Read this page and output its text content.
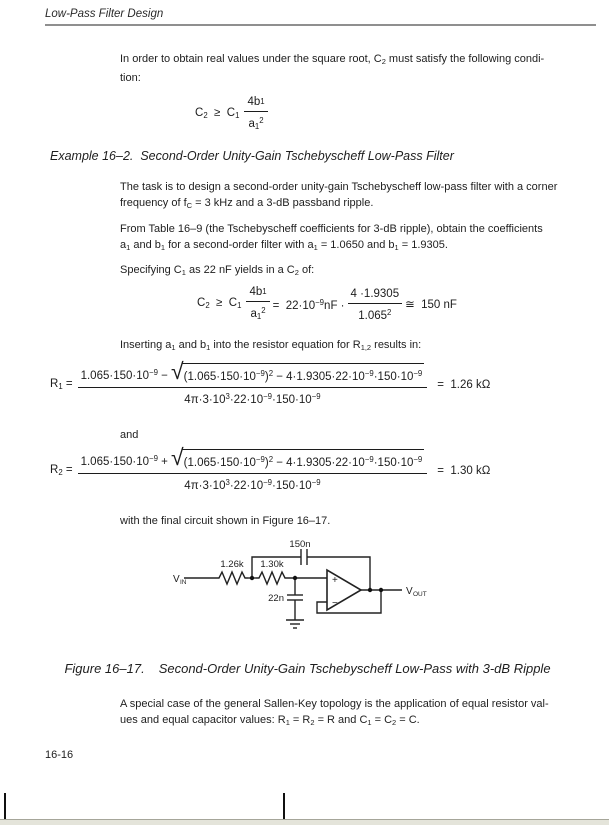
Low-Pass Filter Design
In order to obtain real values under the square root, C2 must satisfy the following condi-
tion:
$C2 \ge C1 \frac{4b 1}{a1^2}$
Example 16–2.  Second-Order Unity-Gain Tschebyscheff Low-Pass Filter
The task is to design a second-order unity-gain Tschebyscheff low-pass filter with a corner
frequency of fC = 3 kHz and a 3-dB passband ripple.
From Table 16–9 (the Tschebyscheff coefficients for 3-dB ripple), obtain the coefficients
a1 and b1 for a second-order filter with a1 = 1.0650 and b1 = 1.9305.
Specifying C1 as 22 nF yields in a C2 of:
$C2 \ge C1 \frac{4b 1}{a1^2} = 22\cdot 10^{-9}nF \cdot \frac{4 \cdot 1.9305}{1.065^2}$ ≅  150 nF
Inserting a1 and b1 into the resistor equation for R1,2 results in:
R1 =
$1.065\cdot 150\cdot 10^{-9}$ − √ $(1.065\cdot 150\cdot 10^{-9})^2 - 4\cdot 1.9305\cdot 22\cdot 10^{-9}\cdot 150\cdot 10^{-9}$
$4\pi\cdot 3\cdot 10^3\cdot 22\cdot 10^{-9}\cdot 150\cdot 10^{-9}$
=  1.26 kΩ
and
R2 =
$1.065\cdot 150\cdot 10^{-9}$ + √ $(1.065\cdot 150\cdot 10^{-9})^2 - 4\cdot 1.9305\cdot 22\cdot 10^{-9}\cdot 150\cdot 10^{-9}$
$4\pi\cdot 3\cdot 10^3\cdot 22\cdot 10^{-9}\cdot 150\cdot 10^{-9}$
=  1.30 kΩ
with the final circuit shown in Figure 16–17.
150n
1.26k 1.30k
22n
V IN
V OUT
+
−

Figure 16–17. Second-Order Unity-Gain Tschebyscheff Low-Pass with 3-dB Ripple

A special case of the general Sallen-Key topology is the application of equal resistor val-
ues and equal capacitor values: R1 = R2 = R and C1 = C2 = C.
16-16
